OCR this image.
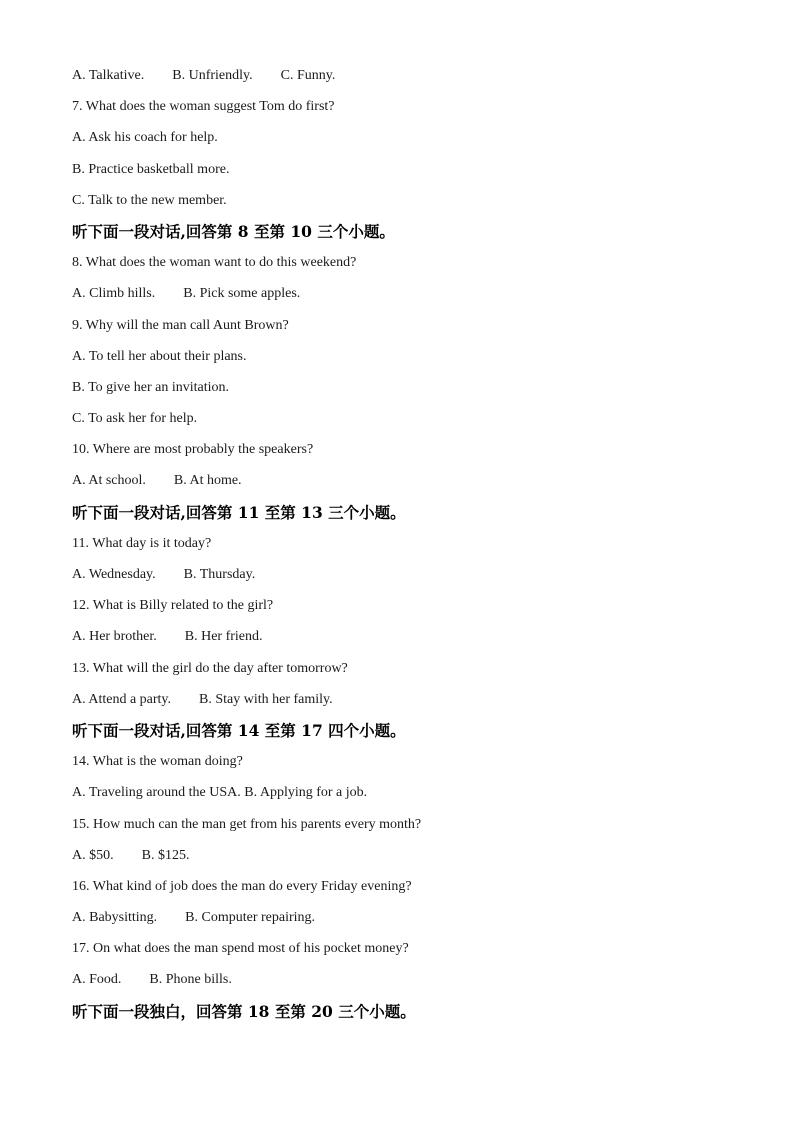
A. Talkative. B. Unfriendly. C. Funny.
7. What does the woman suggest Tom do first?
A. Ask his coach for help.
B. Practice basketball more.
C. Talk to the new member.
听下面一段对话,回答第 8 至第 10 三个小题。
8. What does the woman want to do this weekend?
A. Climb hills. B. Pick some apples.
9. Why will the man call Aunt Brown?
A. To tell her about their plans.
B. To give her an invitation.
C. To ask her for help.
10. Where are most probably the speakers?
A. At school. B. At home.
听下面一段对话,回答第 11 至第 13 三个小题。
11. What day is it today?
A. Wednesday. B. Thursday.
12. What is Billy related to the girl?
A. Her brother. B. Her friend.
13. What will the girl do the day after tomorrow?
A. Attend a party. B. Stay with her family.
听下面一段对话,回答第 14 至第 17 四个小题。
14. What is the woman doing?
A. Traveling around the USA. B. Applying for a job.
15. How much can the man get from his parents every month?
A. $50. B. $125.
16. What kind of job does the man do every Friday evening?
A. Babysitting. B. Computer repairing.
17. On what does the man spend most of his pocket money?
A. Food. B. Phone bills.
听下面一段独白，回答第 18 至第 20 三个小题。
